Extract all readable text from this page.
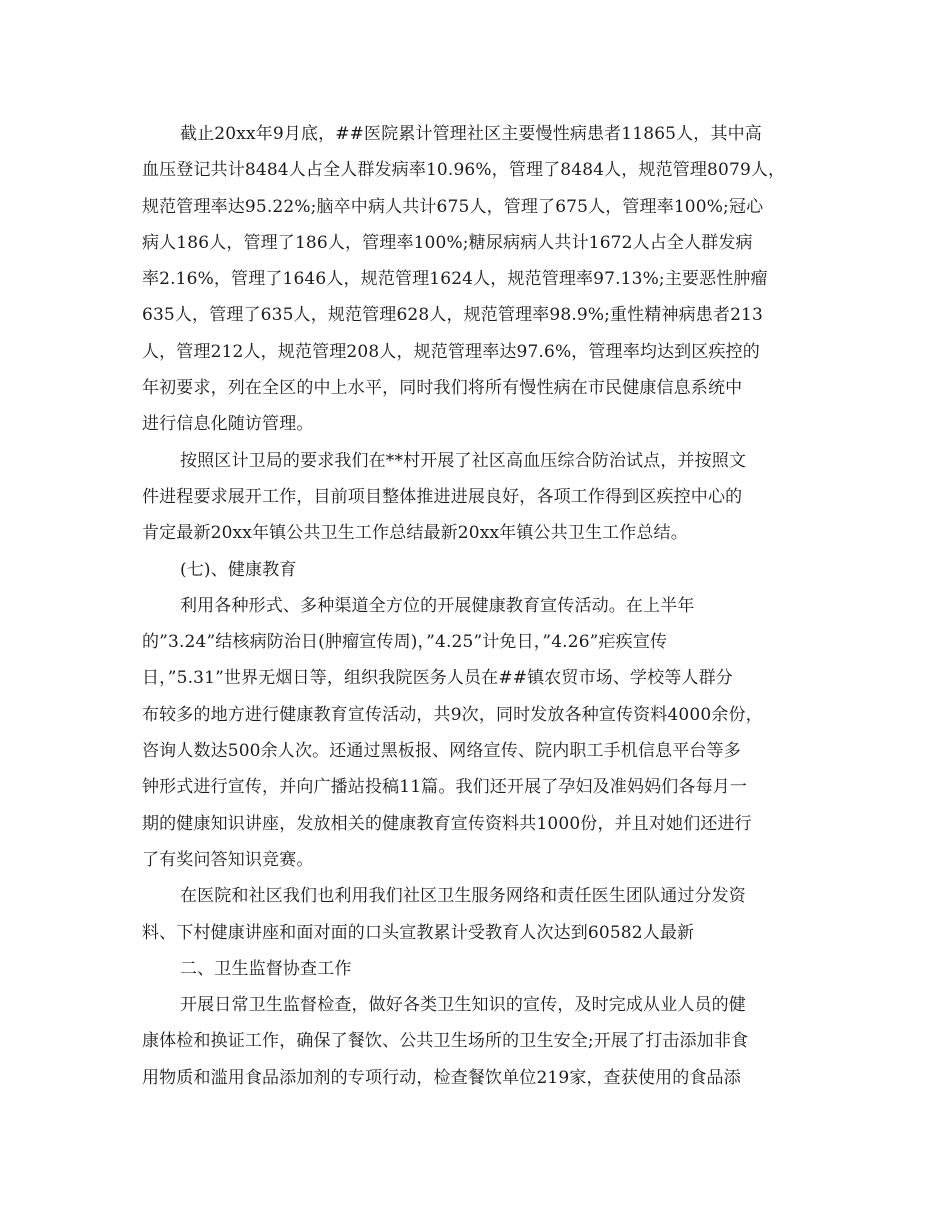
截止20xx年9月底，##医院累计管理社区主要慢性病患者11865人，其中高
血压登记共计8484人占全人群发病率10.96%，管理了8484人，规范管理8079人，
规范管理率达95.22%;脑卒中病人共计675人，管理了675人，管理率100%;冠心
病人186人，管理了186人，管理率100%;糖尿病病人共计1672人占全人群发病
率2.16%，管理了1646人，规范管理1624人，规范管理率97.13%;主要恶性肿瘤
635人，管理了635人，规范管理628人，规范管理率98.9%;重性精神病患者213
人，管理212人，规范管理208人，规范管理率达97.6%，管理率均达到区疾控的
年初要求，列在全区的中上水平，同时我们将所有慢性病在市民健康信息系统中
进行信息化随访管理。
按照区计卫局的要求我们在**村开展了社区高血压综合防治试点，并按照文
件进程要求展开工作，目前项目整体推进进展良好，各项工作得到区疾控中心的
肯定最新20xx年镇公共卫生工作总结最新20xx年镇公共卫生工作总结。
(七)、健康教育
利用各种形式、多种渠道全方位的开展健康教育宣传活动。在上半年
的”3.24”结核病防治日(肿瘤宣传周)，”4.25”计免日，”4.26”疟疾宣传
日，”5.31”世界无烟日等，组织我院医务人员在##镇农贸市场、学校等人群分
布较多的地方进行健康教育宣传活动，共9次，同时发放各种宣传资料4000余份，
咨询人数达500余人次。还通过黑板报、网络宣传、院内职工手机信息平台等多
钟形式进行宣传，并向广播站投稿11篇。我们还开展了孕妇及准妈妈们各每月一
期的健康知识讲座，发放相关的健康教育宣传资料共1000份，并且对她们还进行
了有奖问答知识竞赛。
在医院和社区我们也利用我们社区卫生服务网络和责任医生团队通过分发资
料、下村健康讲座和面对面的口头宣教累计受教育人次达到60582人最新
二、卫生监督协查工作
开展日常卫生监督检查，做好各类卫生知识的宣传，及时完成从业人员的健
康体检和换证工作，确保了餐饮、公共卫生场所的卫生安全;开展了打击添加非食
用物质和滥用食品添加剂的专项行动，检查餐饮单位219家，查获使用的食品添
